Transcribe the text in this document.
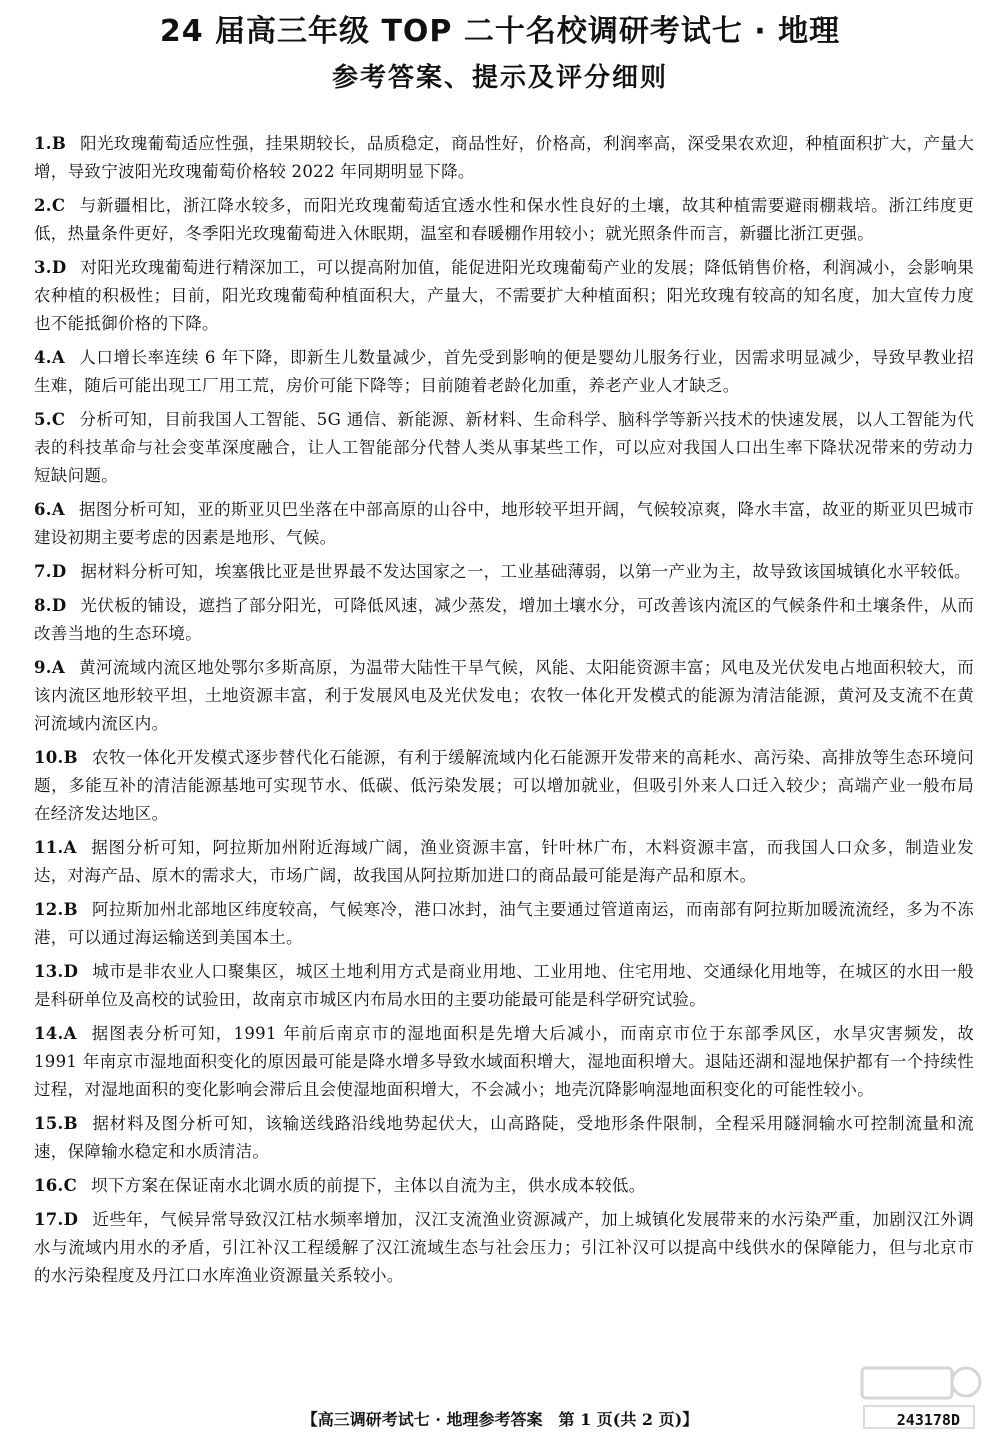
24 届高三年级 TOP 二十名校调研考试七 · 地理
参考答案、提示及评分细则
1.B 阳光玫瑰葡萄适应性强，挂果期较长，品质稳定，商品性好，价格高，利润率高，深受果农欢迎，种植面积扩大，产量大增，导致宁波阳光玫瑰葡萄价格较 2022 年同期明显下降。
2.C 与新疆相比，浙江降水较多，而阳光玫瑰葡萄适宜透水性和保水性良好的土壤，故其种植需要避雨棚栽培。浙江纬度更低，热量条件更好，冬季阳光玫瑰葡萄进入休眠期，温室和春暖棚作用较小；就光照条件而言，新疆比浙江更强。
3.D 对阳光玫瑰葡萄进行精深加工，可以提高附加值，能促进阳光玫瑰葡萄产业的发展；降低销售价格，利润减小，会影响果农种植的积极性；目前，阳光玫瑰葡萄种植面积大，产量大，不需要扩大种植面积；阳光玫瑰有较高的知名度，加大宣传力度也不能抵御价格的下降。
4.A 人口增长率连续 6 年下降，即新生儿数量减少，首先受到影响的便是婴幼儿服务行业，因需求明显减少，导致早教业招生难，随后可能出现工厂用工荒，房价可能下降等；目前随着老龄化加重，养老产业人才缺乏。
5.C 分析可知，目前我国人工智能、5G 通信、新能源、新材料、生命科学、脑科学等新兴技术的快速发展，以人工智能为代表的科技革命与社会变革深度融合，让人工智能部分代替人类从事某些工作，可以应对我国人口出生率下降状况带来的劳动力短缺问题。
6.A 据图分析可知，亚的斯亚贝巴坐落在中部高原的山谷中，地形较平坦开阔，气候较凉爽，降水丰富，故亚的斯亚贝巴城市建设初期主要考虑的因素是地形、气候。
7.D 据材料分析可知，埃塞俄比亚是世界最不发达国家之一，工业基础薄弱，以第一产业为主，故导致该国城镇化水平较低。
8.D 光伏板的铺设，遮挡了部分阳光，可降低风速，减少蒸发，增加土壤水分，可改善该内流区的气候条件和土壤条件，从而改善当地的生态环境。
9.A 黄河流域内流区地处鄂尔多斯高原，为温带大陆性干旱气候，风能、太阳能资源丰富；风电及光伏发电占地面积较大，而该内流区地形较平坦，土地资源丰富，利于发展风电及光伏发电；农牧一体化开发模式的能源为清洁能源，黄河及支流不在黄河流域内流区内。
10.B 农牧一体化开发模式逐步替代化石能源，有利于缓解流域内化石能源开发带来的高耗水、高污染、高排放等生态环境问题，多能互补的清洁能源基地可实现节水、低碳、低污染发展；可以增加就业，但吸引外来人口迁入较少；高端产业一般布局在经济发达地区。
11.A 据图分析可知，阿拉斯加州附近海域广阔，渔业资源丰富，针叶林广布，木料资源丰富，而我国人口众多，制造业发达，对海产品、原木的需求大，市场广阔，故我国从阿拉斯加进口的商品最可能是海产品和原木。
12.B 阿拉斯加州北部地区纬度较高，气候寒冷，港口冰封，油气主要通过管道南运，而南部有阿拉斯加暖流流经，多为不冻港，可以通过海运输送到美国本土。
13.D 城市是非农业人口聚集区，城区土地利用方式是商业用地、工业用地、住宅用地、交通绿化用地等，在城区的水田一般是科研单位及高校的试验田，故南京市城区内布局水田的主要功能最可能是科学研究试验。
14.A 据图表分析可知，1991 年前后南京市的湿地面积是先增大后减小，而南京市位于东部季风区，水旱灾害频发，故 1991 年南京市湿地面积变化的原因最可能是降水增多导致水域面积增大，湿地面积增大。退陆还湖和湿地保护都有一个持续性过程，对湿地面积的变化影响会滞后且会使湿地面积增大，不会减小；地壳沉降影响湿地面积变化的可能性较小。
15.B 据材料及图分析可知，该输送线路沿线地势起伏大，山高路陡，受地形条件限制，全程采用隧洞输水可控制流量和流速，保障输水稳定和水质清洁。
16.C 坝下方案在保证南水北调水质的前提下，主体以自流为主，供水成本较低。
17.D 近些年，气候异常导致汉江枯水频率增加，汉江支流渔业资源减产，加上城镇化发展带来的水污染严重，加剧汉江外调水与流域内用水的矛盾，引江补汉工程缓解了汉江流域生态与社会压力；引江补汉可以提高中线供水的保障能力，但与北京市的水污染程度及丹江口水库渔业资源量关系较小。
【高三调研考试七 · 地理参考答案　第 1 页(共 2 页)】	243178D
